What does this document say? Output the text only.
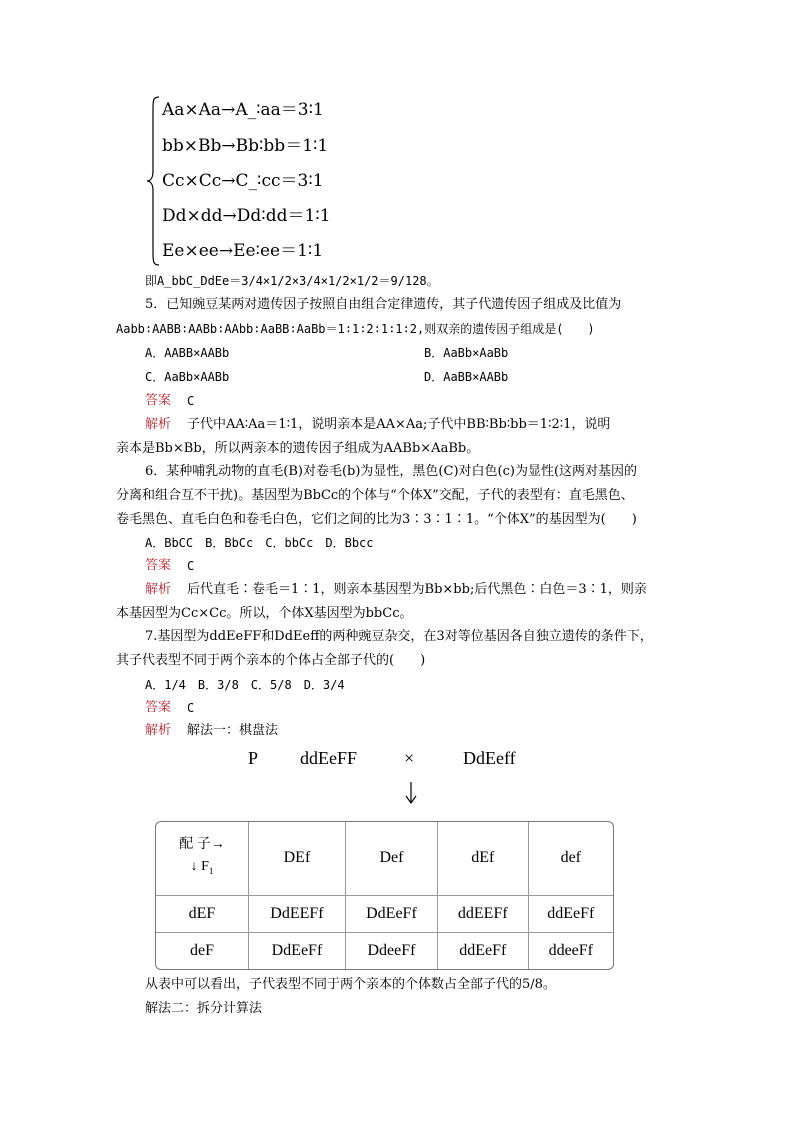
Aa×Aa→A_∶aa＝3∶1
bb×Bb→Bb∶bb＝1∶1
Cc×Cc→C_∶cc＝3∶1
Dd×dd→Dd∶dd＝1∶1
Ee×ee→Ee∶ee＝1∶1
即A_bbC_DdEe＝3/4×1/2×3/4×1/2×1/2＝9/128。
5．已知豌豆某两对遗传因子按照自由组合定律遗传，其子代遗传因子组成及比值为
Aabb∶AABB∶AABb∶AAbb∶AaBB∶AaBb＝1∶1∶2∶1∶1∶2,则双亲的遗传因子组成是(　　)
A．AABB×AABb	B．AaBb×AaBb
C．AaBb×AABb	D．AaBB×AABb
答案 C
解析 子代中AA∶Aa＝1∶1，说明亲本是AA×Aa;子代中BB∶Bb∶bb＝1∶2∶1，说明
亲本是Bb×Bb，所以两亲本的遗传因子组成为AABb×AaBb。
6．某种哺乳动物的直毛(B)对卷毛(b)为显性，黑色(C)对白色(c)为显性(这两对基因的
分离和组合互不干扰)。基因型为BbCc的个体与“个体X”交配，子代的表型有：直毛黑色、
卷毛黑色、直毛白色和卷毛白色，它们之间的比为3∶3∶1∶1。“个体X”的基因型为(　　)
A．BbCC　B．BbCc　C．bbCc　D．Bbcc
答案 C
解析 后代直毛∶卷毛＝1∶1，则亲本基因型为Bb×bb;后代黑色∶白色＝3∶1，则亲
本基因型为Cc×Cc。所以，个体X基因型为bbCc。
7.基因型为ddEeFF和DdEeff的两种豌豆杂交，在3对等位基因各自独立遗传的条件下，
其子代表型不同于两个亲本的个体占全部子代的(　　)
A．1/4　B．3/8　C．5/8　D．3/4
答案 C
解析 解法一：棋盘法
P ddEeFF	×	DdEeff
配 子→
↓ $F_1$	DEf	Def	dEf	def
dEF	DdEEFf	DdEeFf	ddEEFf	ddEeFf
deF	DdEeFf	DdeeFf	ddEeFf	ddeeFf
从表中可以看出，子代表型不同于两个亲本的个体数占全部子代的5/8。
解法二：拆分计算法
